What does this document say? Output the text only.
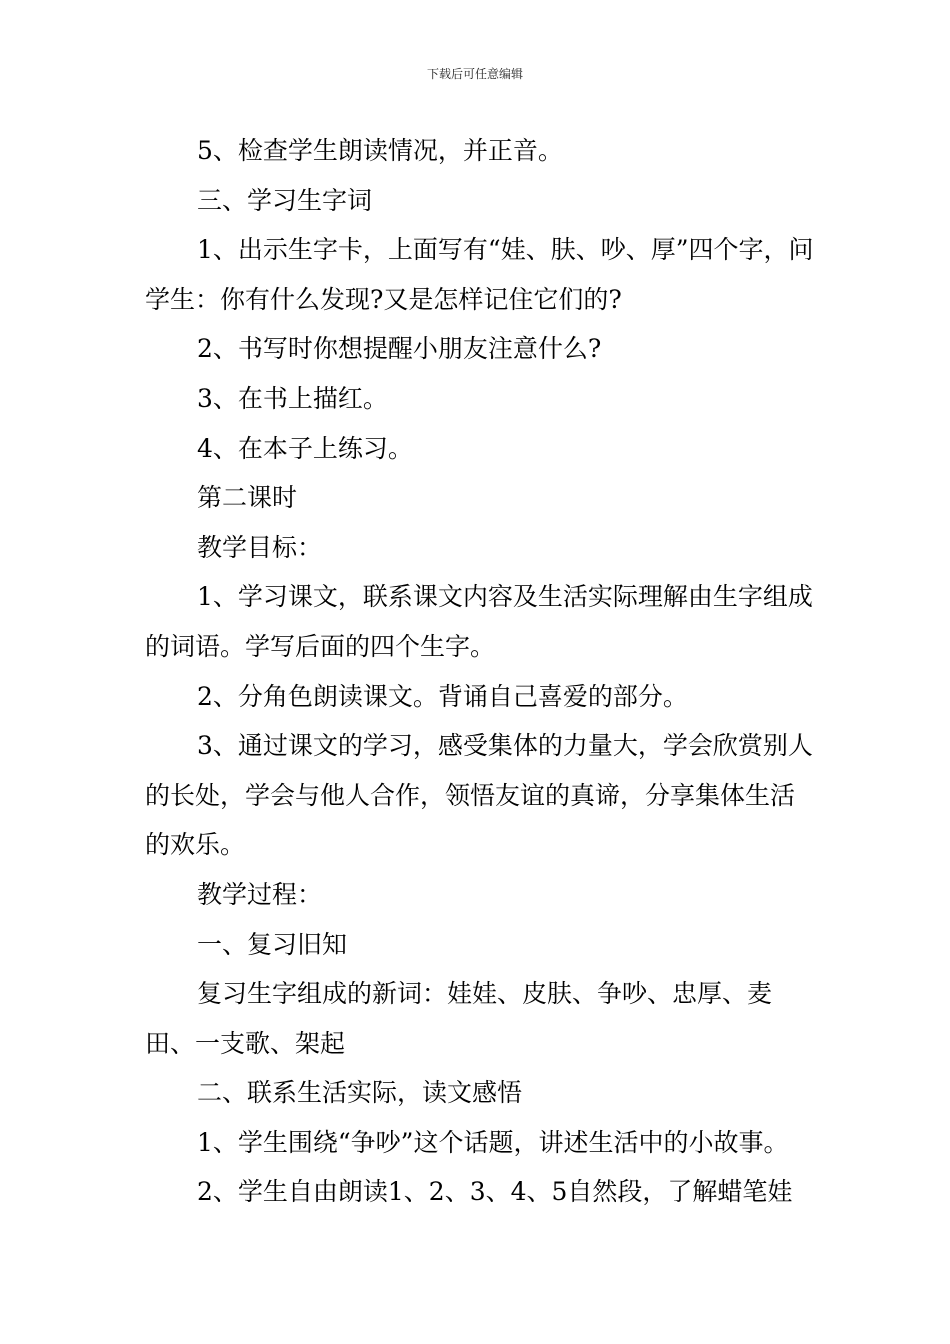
下载后可任意编辑

5、检查学生朗读情况，并正音。

三、学习生字词

1、出示生字卡，上面写有“娃、肤、吵、厚”四个字，问学生：你有什么发现?又是怎样记住它们的?

2、书写时你想提醒小朋友注意什么?

3、在书上描红。

4、在本子上练习。

第二课时

教学目标：

1、学习课文，联系课文内容及生活实际理解由生字组成的词语。学写后面的四个生字。

2、分角色朗读课文。背诵自己喜爱的部分。

3、通过课文的学习，感受集体的力量大，学会欣赏别人的长处，学会与他人合作，领悟友谊的真谛，分享集体生活的欢乐。

教学过程：

一、复习旧知

复习生字组成的新词：娃娃、皮肤、争吵、忠厚、麦田、一支歌、架起

二、联系生活实际，读文感悟

1、学生围绕“争吵”这个话题，讲述生活中的小故事。

2、学生自由朗读1、2、3、4、5自然段，了解蜡笔娃
